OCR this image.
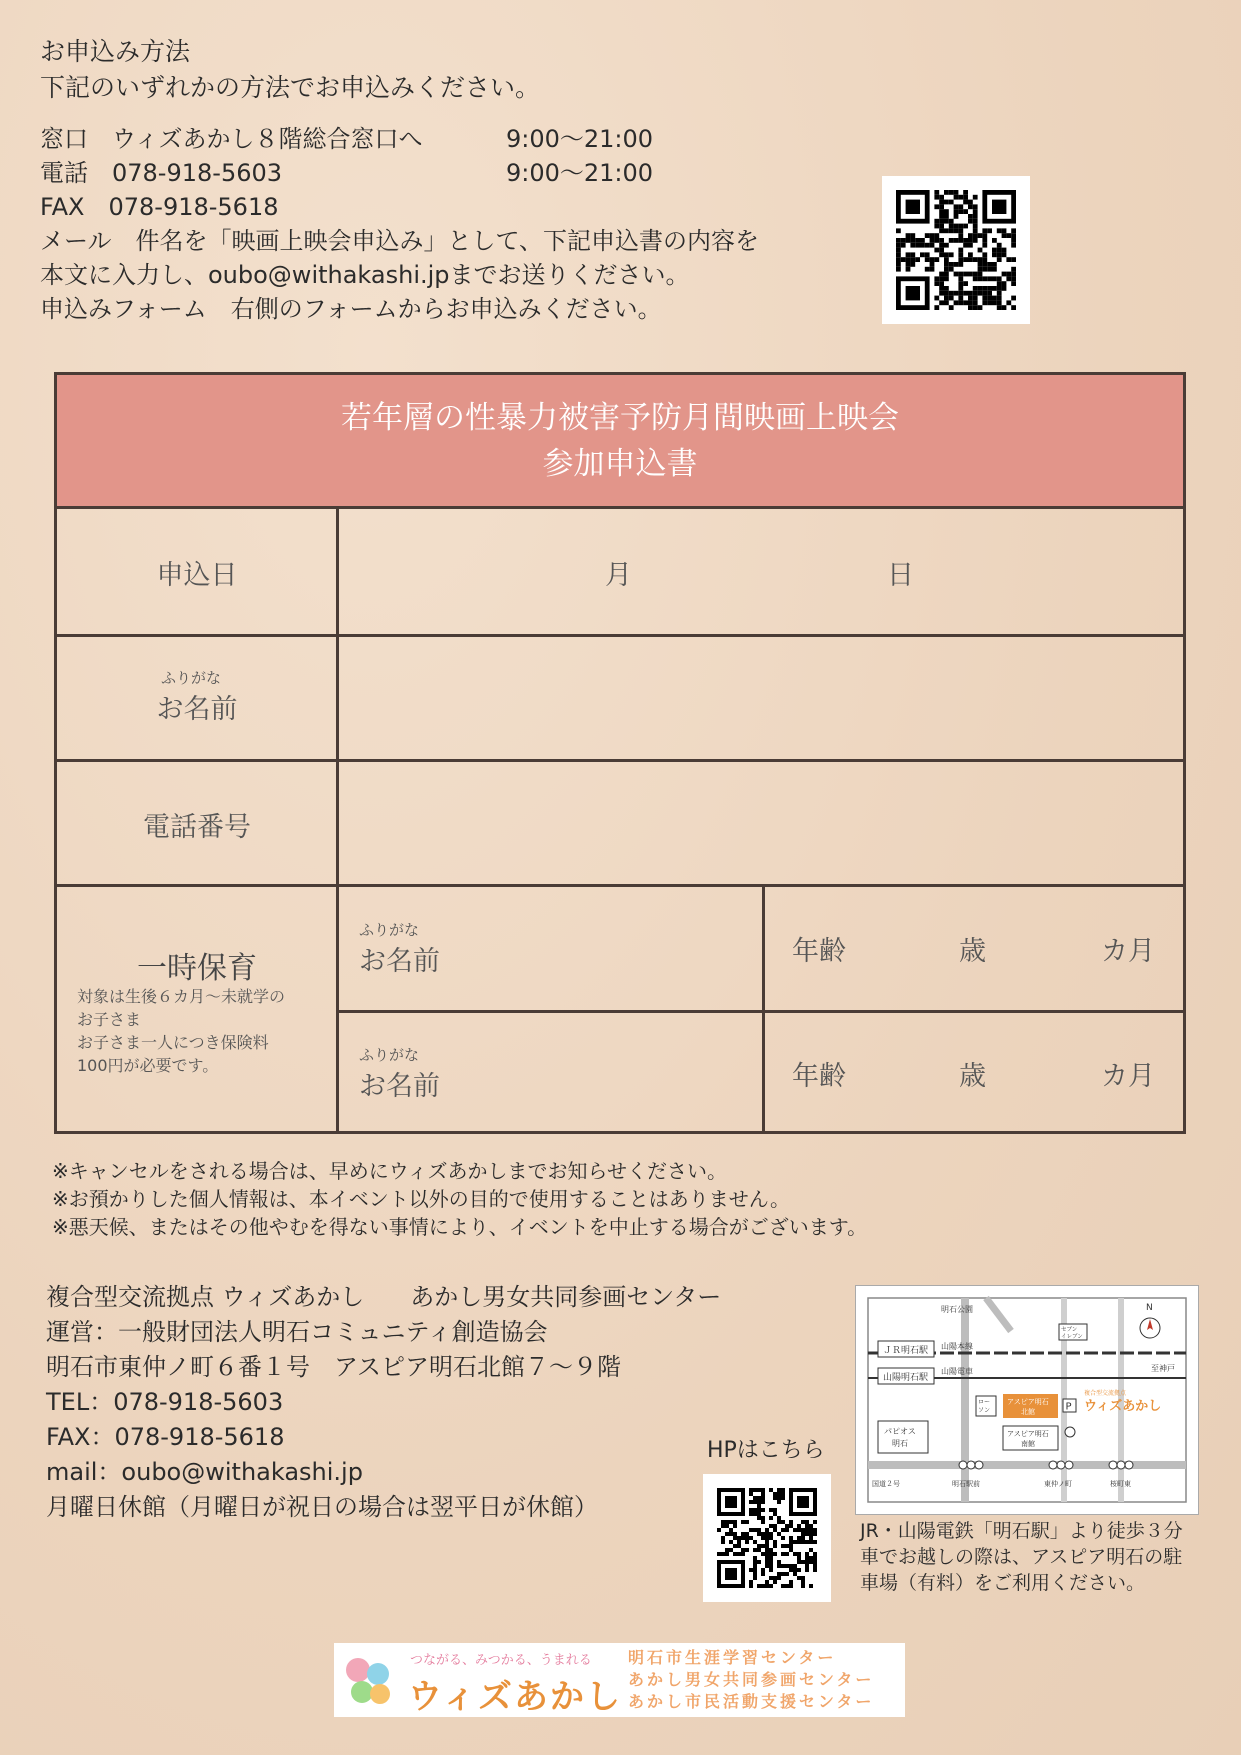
お申込み方法
下記のいずれかの方法でお申込みください。
窓口 ウィズあかし８階総合窓口へ	9:00～21:00
電話 078-918-5603	9:00～21:00
FAX 078-918-5618
メール　件名を「映画上映会申込み」として、下記申込書の内容を
本文に入力し、oubo@withakashi.jpまでお送りください。
申込みフォーム　右側のフォームからお申込みください。
若年層の性暴力被害予防月間映画上映会
参加申込書
申込日	月	日
ふりがな
お名前
電話番号
一時保育
対象は生後６カ月～未就学の
お子さま
お子さま一人につき保険料
100円が必要です。
ふりがな
お名前	年齢	歳	カ月
ふりがな
お名前	年齢	歳	カ月
※キャンセルをされる場合は、早めにウィズあかしまでお知らせください。
※お預かりした個人情報は、本イベント以外の目的で使用することはありません。
※悪天候、またはその他やむを得ない事情により、イベントを中止する場合がございます。
複合型交流拠点 ウィズあかし あかし男女共同参画センター
運営：一般財団法人明石コミュニティ創造協会
明石市東仲ノ町６番１号　アスピア明石北館７～９階
TEL：078-918-5603
FAX：078-918-5618
mail：oubo@withakashi.jp
月曜日休館（月曜日が祝日の場合は翌平日が休館）
HPはこちら
明石公園
山陽本線
山陽電車
ＪＲ明石駅
山陽明石駅
セブン
イレブン
N
至神戸
ロー
ソン
アスピア明石
北館	P
複合型交流拠点
ウィズあかし
アスピア明石
南館
パピオス
明石
国道２号	明石駅前	東仲ノ町	桜町東
JR・山陽電鉄「明石駅」より徒歩３分
車でお越しの際は、アスピア明石の駐
車場（有料）をご利用ください。
つながる、みつかる、うまれる
ウィズあかし
明石市生涯学習センター
あかし男女共同参画センター
あかし市民活動支援センター
